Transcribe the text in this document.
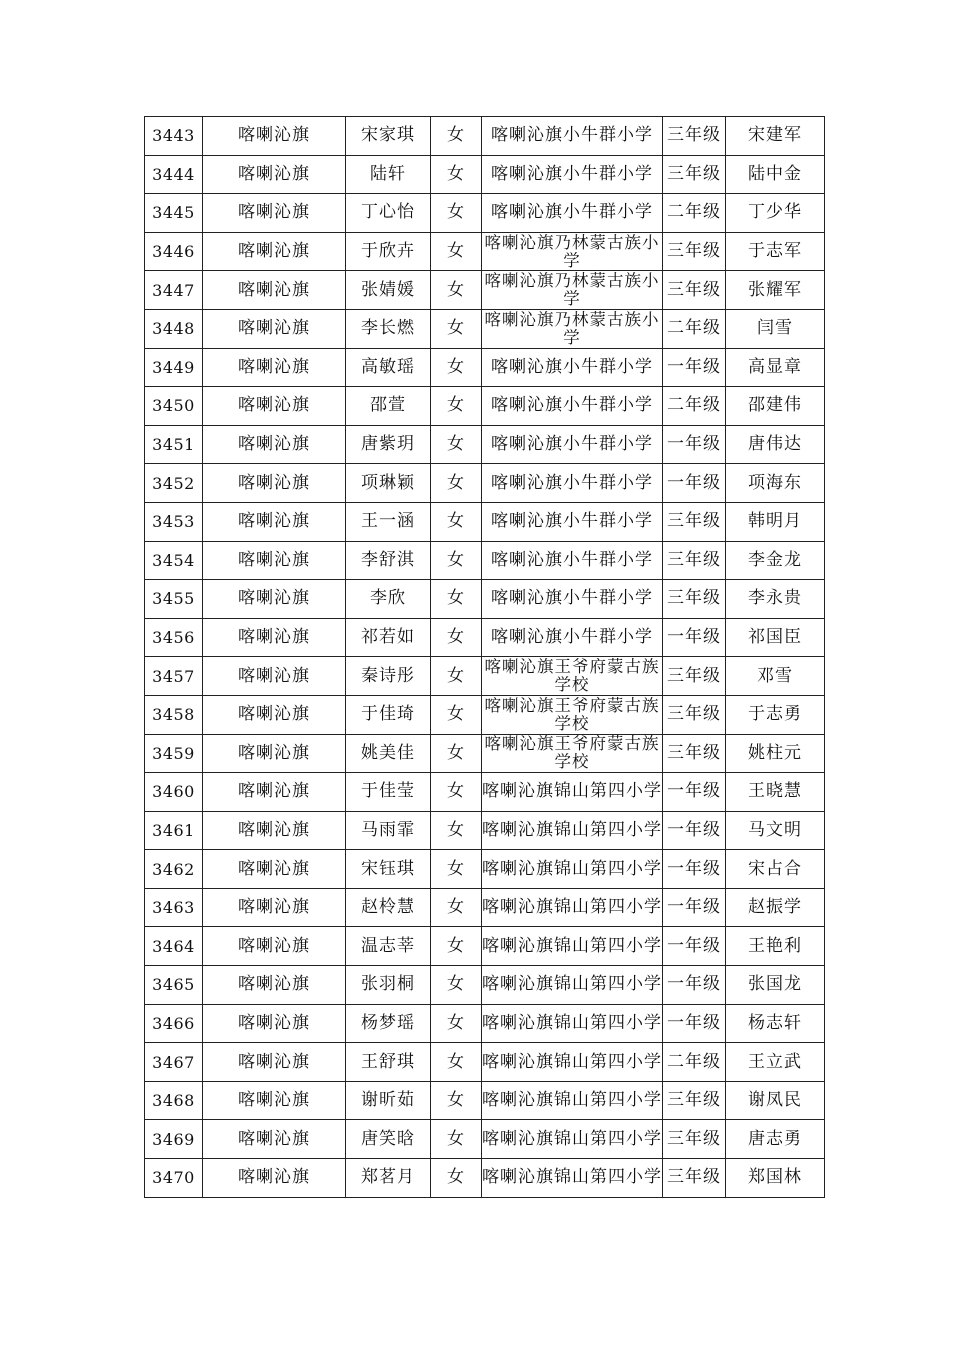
3443	喀喇沁旗	宋家琪	女	喀喇沁旗小牛群小学	三年级	宋建军
3444	喀喇沁旗	陆轩	女	喀喇沁旗小牛群小学	三年级	陆中金
3445	喀喇沁旗	丁心怡	女	喀喇沁旗小牛群小学	二年级	丁少华
3446	喀喇沁旗	于欣卉	女	喀喇沁旗乃林蒙古族小学	三年级	于志军
3447	喀喇沁旗	张婧媛	女	喀喇沁旗乃林蒙古族小学	三年级	张耀军
3448	喀喇沁旗	李长燃	女	喀喇沁旗乃林蒙古族小学	二年级	闫雪
3449	喀喇沁旗	高敏瑶	女	喀喇沁旗小牛群小学	一年级	高显章
3450	喀喇沁旗	邵萱	女	喀喇沁旗小牛群小学	二年级	邵建伟
3451	喀喇沁旗	唐紫玥	女	喀喇沁旗小牛群小学	一年级	唐伟达
3452	喀喇沁旗	项琳颖	女	喀喇沁旗小牛群小学	一年级	项海东
3453	喀喇沁旗	王一涵	女	喀喇沁旗小牛群小学	三年级	韩明月
3454	喀喇沁旗	李舒淇	女	喀喇沁旗小牛群小学	三年级	李金龙
3455	喀喇沁旗	李欣	女	喀喇沁旗小牛群小学	三年级	李永贵
3456	喀喇沁旗	祁若如	女	喀喇沁旗小牛群小学	一年级	祁国臣
3457	喀喇沁旗	秦诗彤	女	喀喇沁旗王爷府蒙古族学校	三年级	邓雪
3458	喀喇沁旗	于佳琦	女	喀喇沁旗王爷府蒙古族学校	三年级	于志勇
3459	喀喇沁旗	姚美佳	女	喀喇沁旗王爷府蒙古族学校	三年级	姚柱元
3460	喀喇沁旗	于佳莹	女	喀喇沁旗锦山第四小学	一年级	王晓慧
3461	喀喇沁旗	马雨霏	女	喀喇沁旗锦山第四小学	一年级	马文明
3462	喀喇沁旗	宋钰琪	女	喀喇沁旗锦山第四小学	一年级	宋占合
3463	喀喇沁旗	赵柃慧	女	喀喇沁旗锦山第四小学	一年级	赵振学
3464	喀喇沁旗	温志莘	女	喀喇沁旗锦山第四小学	一年级	王艳利
3465	喀喇沁旗	张羽桐	女	喀喇沁旗锦山第四小学	一年级	张国龙
3466	喀喇沁旗	杨梦瑶	女	喀喇沁旗锦山第四小学	一年级	杨志轩
3467	喀喇沁旗	王舒琪	女	喀喇沁旗锦山第四小学	二年级	王立武
3468	喀喇沁旗	谢昕茹	女	喀喇沁旗锦山第四小学	三年级	谢凤民
3469	喀喇沁旗	唐笑晗	女	喀喇沁旗锦山第四小学	三年级	唐志勇
3470	喀喇沁旗	郑茗月	女	喀喇沁旗锦山第四小学	三年级	郑国林
